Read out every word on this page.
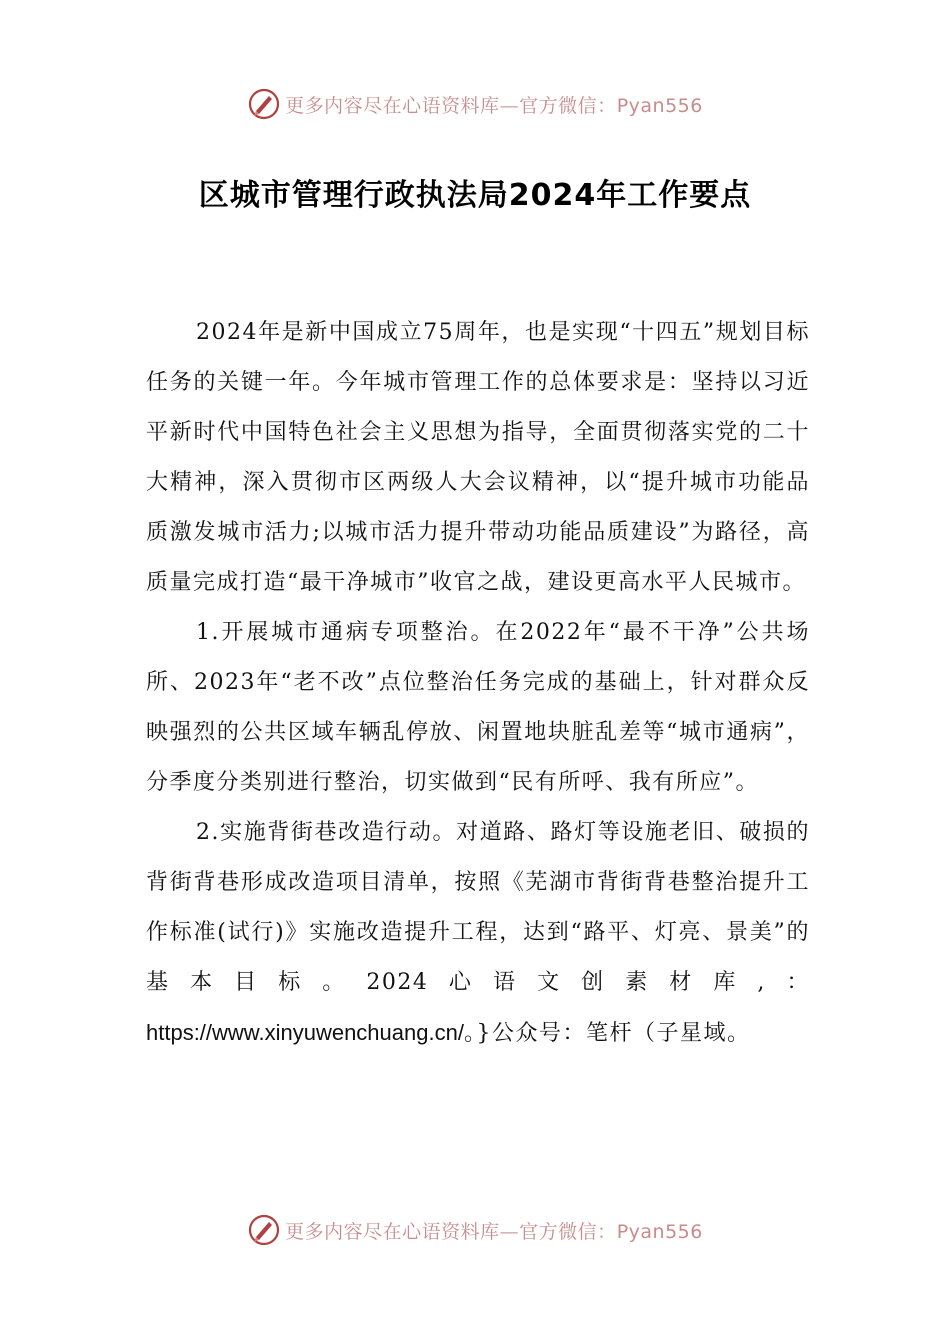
更多内容尽在心语资料库—官方微信：Pyan556
区城市管理行政执法局2024年工作要点

2024年是新中国成立75周年，也是实现“十四五”规划目标任务的关键一年。今年城市管理工作的总体要求是：坚持以习近平新时代中国特色社会主义思想为指导，全面贯彻落实党的二十大精神，深入贯彻市区两级人大会议精神，以“提升城市功能品质激发城市活力;以城市活力提升带动功能品质建设”为路径，高质量完成打造“最干净城市”收官之战，建设更高水平人民城市。

1.开展城市通病专项整治。在2022年“最不干净”公共场所、2023年“老不改”点位整治任务完成的基础上，针对群众反映强烈的公共区域车辆乱停放、闲置地块脏乱差等“城市通病”，分季度分类别进行整治，切实做到“民有所呼、我有所应”。

2.实施背街巷改造行动。对道路、路灯等设施老旧、破损的背街背巷形成改造项目清单，按照《芜湖市背街背巷整治提升工作标准(试行)》实施改造提升工程，达到“路平、灯亮、景美”的基本目标。2024心语文创素材库,：https://www.xinyuwenchuang.cn/。}公众号：笔杆（子星域。

更多内容尽在心语资料库—官方微信：Pyan556
